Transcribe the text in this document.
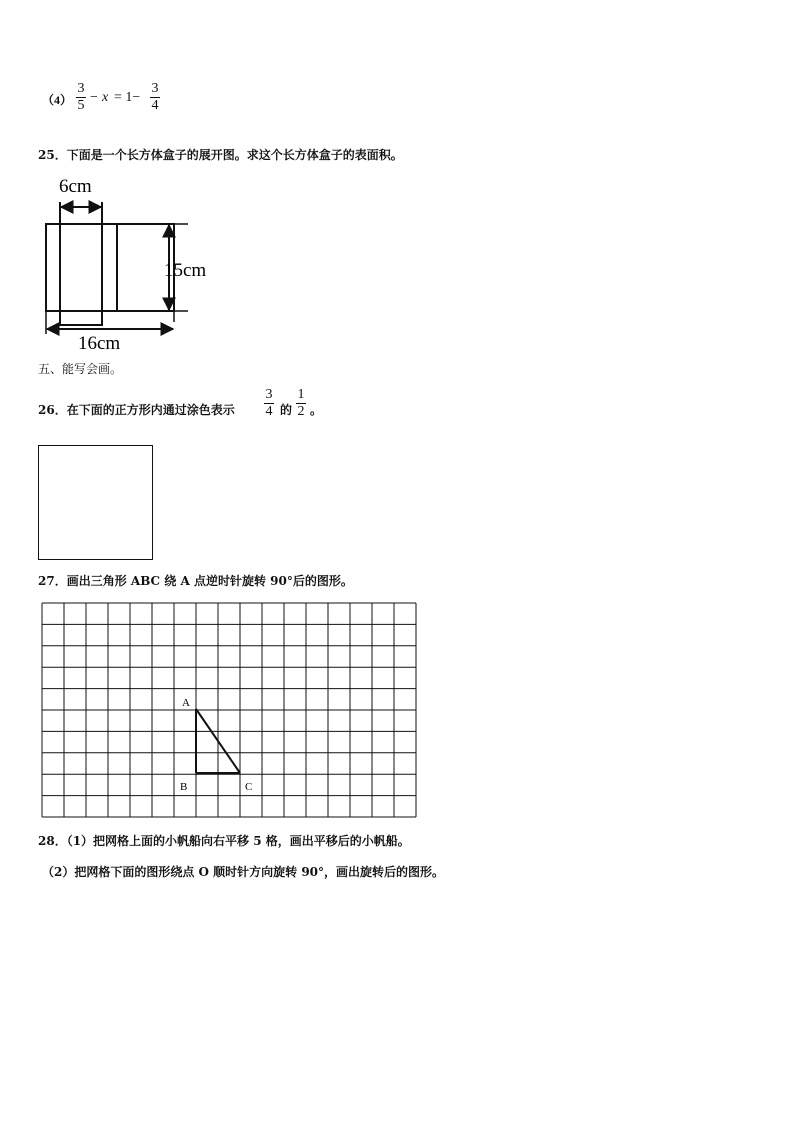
（4）
3
5
− x = 1−
3
4
25．下面是一个长方体盒子的展开图。求这个长方体盒子的表面积。
6cm
15cm
16cm
五、能写会画。
26．在下面的正方形内通过涂色表示
3
4 的
1
2 。
27．画出三角形 ABC 绕 A 点逆时针旋转 90°后的图形。
A
B	C
28．（1）把网格上面的小帆船向右平移 5 格，画出平移后的小帆船。
（2）把网格下面的图形绕点 O 顺时针方向旋转 90°，画出旋转后的图形。
